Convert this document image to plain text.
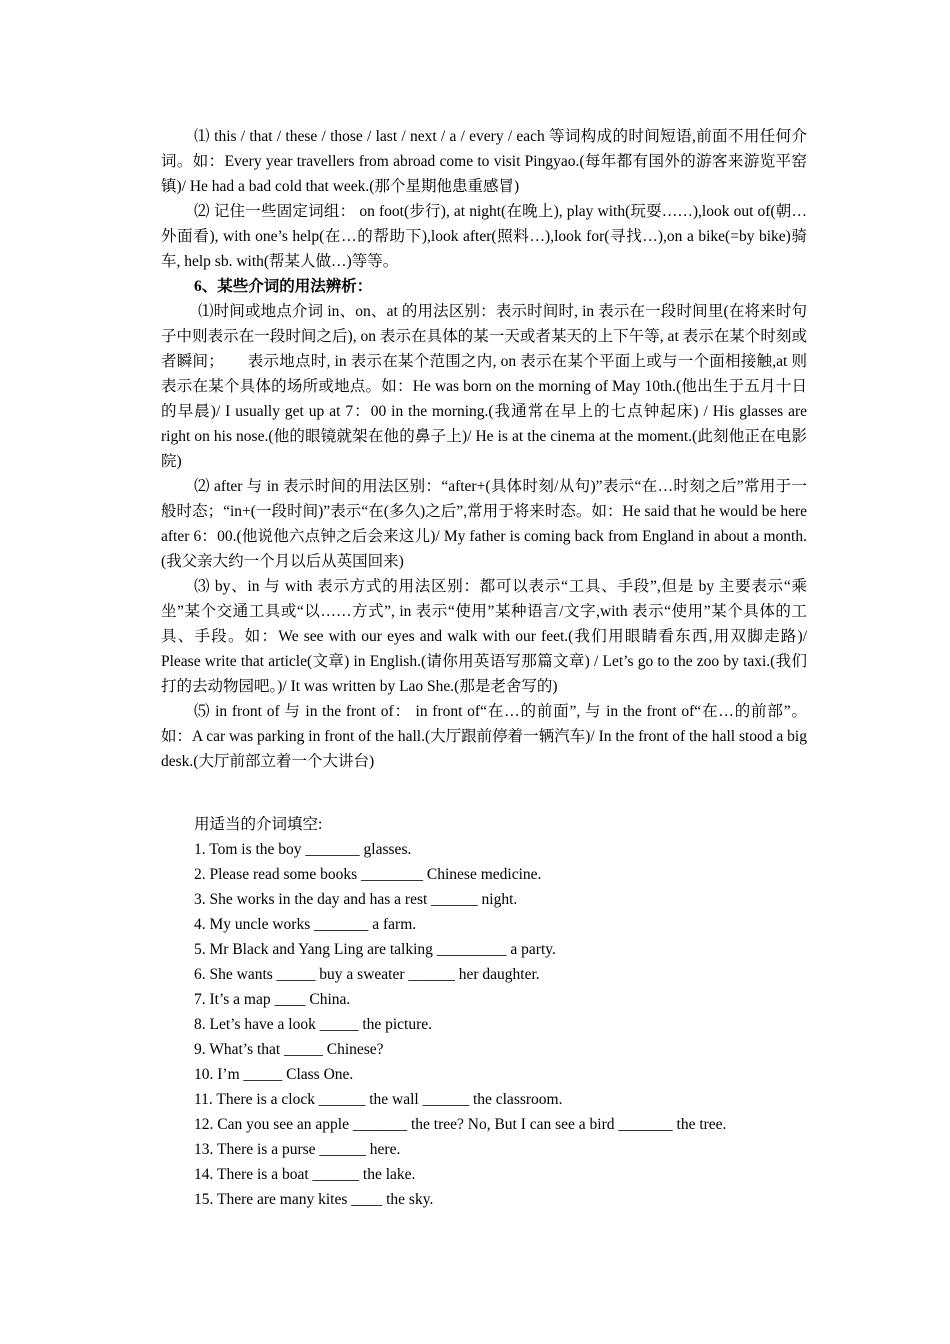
⑴ this / that / these / those / last / next / a / every / each 等词构成的时间短语,前面不用任何介词。如：Every year travellers from abroad come to visit Pingyao.(每年都有国外的游客来游览平窑镇)/ He had a bad cold that week.(那个星期他患重感冒)

⑵ 记住一些固定词组： on foot(步行), at night(在晚上), play with(玩耍……),look out of(朝…外面看), with one’s help(在…的帮助下),look after(照料…),look for(寻找…),on a bike(=by bike)骑车, help sb. with(帮某人做…)等等。

6、某些介词的用法辨析：

⑴时间或地点介词 in、on、at 的用法区别：表示时间时, in 表示在一段时间里(在将来时句子中则表示在一段时间之后), on 表示在具体的某一天或者某天的上下午等, at 表示在某个时刻或者瞬间；　　表示地点时, in 表示在某个范围之内, on 表示在某个平面上或与一个面相接触,at 则表示在某个具体的场所或地点。如：He was born on the morning of May 10th.(他出生于五月十日的早晨)/ I usually get up at 7：00 in the morning.(我通常在早上的七点钟起床) / His glasses are right on his nose.(他的眼镜就架在他的鼻子上)/ He is at the cinema at the moment.(此刻他正在电影院)

⑵ after 与 in 表示时间的用法区别：“after+(具体时刻/从句)”表示“在…时刻之后”常用于一般时态；“in+(一段时间)”表示“在(多久)之后”,常用于将来时态。如：He said that he would be here after 6：00.(他说他六点钟之后会来这儿)/ My father is coming back from England in about a month.(我父亲大约一个月以后从英国回来)

⑶ by、in 与 with 表示方式的用法区别：都可以表示“工具、手段”,但是 by 主要表示“乘坐”某个交通工具或“以……方式”, in 表示“使用”某种语言/文字,with 表示“使用”某个具体的工具、手段。如：We see with our eyes and walk with our feet.(我们用眼睛看东西,用双脚走路)/ Please write that article(文章) in English.(请你用英语写那篇文章) / Let’s go to the zoo by taxi.(我们打的去动物园吧。)/ It was written by Lao She.(那是老舍写的)

⑸ in front of 与 in the front of： in front of“在…的前面”, 与 in the front of“在…的前部”。如：A car was parking in front of the hall.(大厅跟前停着一辆汽车)/ In the front of the hall stood a big desk.(大厅前部立着一个大讲台)

用适当的介词填空:

1. Tom is the boy _______ glasses.

2. Please read some books ________ Chinese medicine.

3. She works in the day and has a rest ______ night.

4. My uncle works _______ a farm.

5. Mr Black and Yang Ling are talking _________ a party.

6. She wants _____ buy a sweater ______ her daughter.

7. It’s a map ____ China.

8. Let’s have a look _____ the picture.

9. What’s that _____ Chinese?

10. I’m _____ Class One.

11. There is a clock ______ the wall ______ the classroom.

12. Can you see an apple _______ the tree? No, But I can see a bird _______ the tree.

13. There is a purse ______ here.

14. There is a boat ______ the lake.

15. There are many kites ____ the sky.
